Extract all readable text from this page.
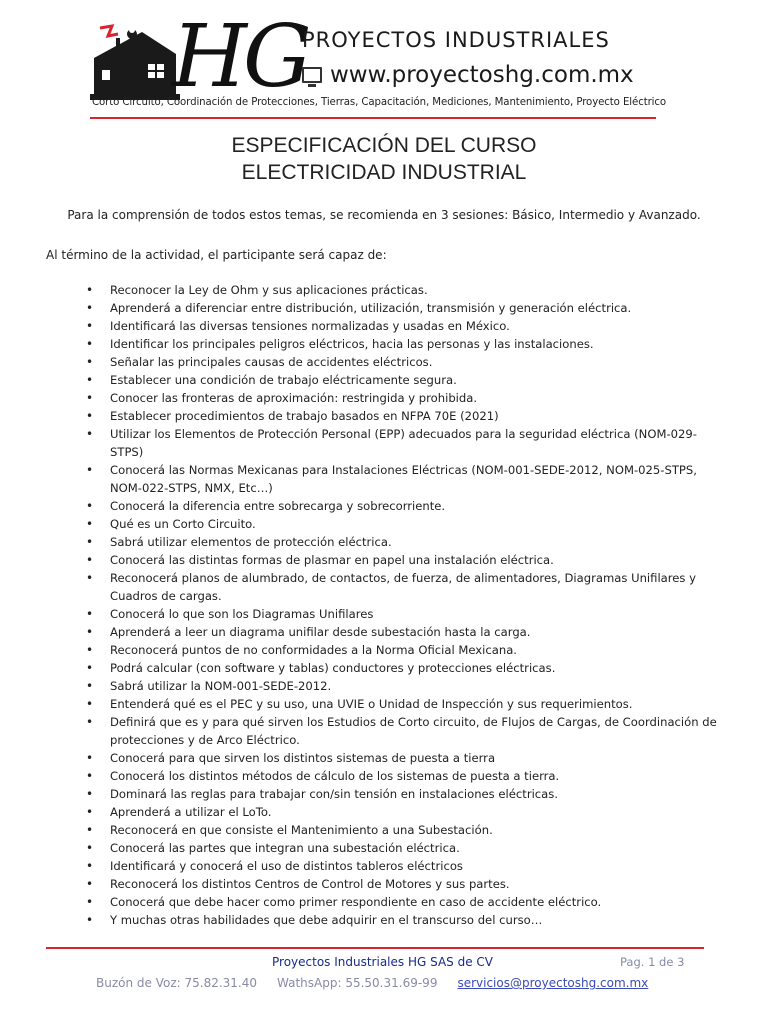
HG
PROYECTOS INDUSTRIALES
www.proyectoshg.com.mx
Corto Circuito, Coordinación de Protecciones, Tierras, Capacitación, Mediciones, Mantenimiento, Proyecto Eléctrico
ESPECIFICACIÓN DEL CURSO
ELECTRICIDAD INDUSTRIAL
Para la comprensión de todos estos temas, se recomienda en 3 sesiones: Básico, Intermedio y Avanzado.
Al término de la actividad, el participante será capaz de:
• Reconocer la Ley de Ohm y sus aplicaciones prácticas.
• Aprenderá a diferenciar entre distribución, utilización, transmisión y generación eléctrica.
• Identificará las diversas tensiones normalizadas y usadas en México.
• Identificar los principales peligros eléctricos, hacia las personas y las instalaciones.
• Señalar las principales causas de accidentes eléctricos.
• Establecer una condición de trabajo eléctricamente segura.
• Conocer las fronteras de aproximación: restringida y prohibida.
• Establecer procedimientos de trabajo basados en NFPA 70E (2021)
• Utilizar los Elementos de Protección Personal (EPP) adecuados para la seguridad eléctrica (NOM-029-STPS)
• Conocerá las Normas Mexicanas para Instalaciones Eléctricas (NOM-001-SEDE-2012, NOM-025-STPS, NOM-022-STPS, NMX, Etc…)
• Conocerá la diferencia entre sobrecarga y sobrecorriente.
• Qué es un Corto Circuito.
• Sabrá utilizar elementos de protección eléctrica.
• Conocerá las distintas formas de plasmar en papel una instalación eléctrica.
• Reconocerá planos de alumbrado, de contactos, de fuerza, de alimentadores, Diagramas Unifilares y Cuadros de cargas.
• Conocerá lo que son los Diagramas Unifilares
• Aprenderá a leer un diagrama unifilar desde subestación hasta la carga.
• Reconocerá puntos de no conformidades a la Norma Oficial Mexicana.
• Podrá calcular (con software y tablas) conductores y protecciones eléctricas.
• Sabrá utilizar la NOM-001-SEDE-2012.
• Entenderá qué es el PEC y su uso, una UVIE o Unidad de Inspección y sus requerimientos.
• Definirá que es y para qué sirven los Estudios de Corto circuito, de Flujos de Cargas, de Coordinación de protecciones y de Arco Eléctrico.
• Conocerá para que sirven los distintos sistemas de puesta a tierra
• Conocerá los distintos métodos de cálculo de los sistemas de puesta a tierra.
• Dominará las reglas para trabajar con/sin tensión en instalaciones eléctricas.
• Aprenderá a utilizar el LoTo.
• Reconocerá en que consiste el Mantenimiento a una Subestación.
• Conocerá las partes que integran una subestación eléctrica.
• Identificará y conocerá el uso de distintos tableros eléctricos
• Reconocerá los distintos Centros de Control de Motores y sus partes.
• Conocerá que debe hacer como primer respondiente en caso de accidente eléctrico.
• Y muchas otras habilidades que debe adquirir en el transcurso del curso…
Proyectos Industriales HG SAS de CV	Pag. 1 de 3
Buzón de Voz: 75.82.31.40 WathsApp: 55.50.31.69-99 servicios@proyectoshg.com.mx
